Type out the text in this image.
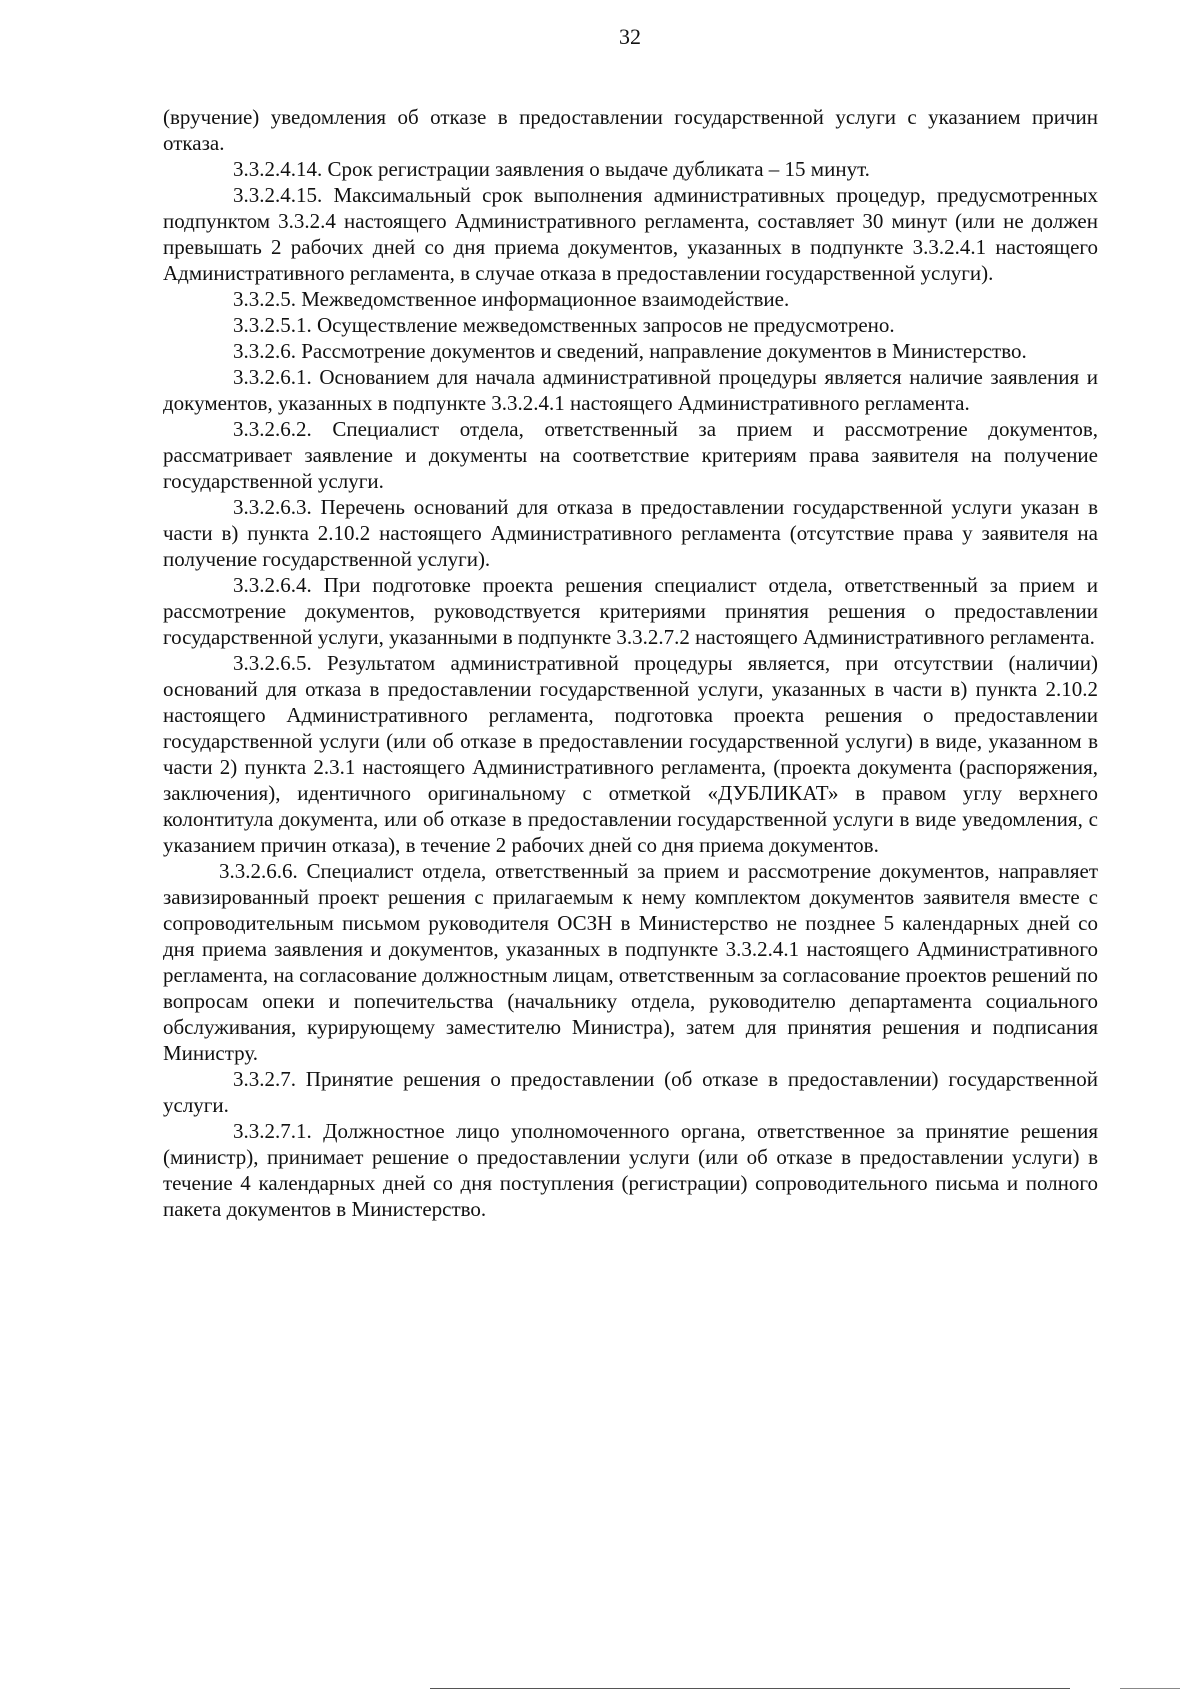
32

(вручение) уведомления об отказе в предоставлении государственной услуги с указанием причин отказа.

3.3.2.4.14. Срок регистрации заявления о выдаче дубликата – 15 минут.

3.3.2.4.15. Максимальный срок выполнения административных процедур, предусмотренных подпунктом 3.3.2.4 настоящего Административного регламента, составляет 30 минут (или не должен превышать 2 рабочих дней со дня приема документов, указанных в подпункте 3.3.2.4.1 настоящего Административного регламента, в случае отказа в предоставлении государственной услуги).

3.3.2.5. Межведомственное информационное взаимодействие.

3.3.2.5.1. Осуществление межведомственных запросов не предусмотрено.

3.3.2.6. Рассмотрение документов и сведений, направление документов в Министерство.

3.3.2.6.1. Основанием для начала административной процедуры является наличие заявления и документов, указанных в подпункте 3.3.2.4.1 настоящего Административного регламента.

3.3.2.6.2. Специалист отдела, ответственный за прием и рассмотрение документов, рассматривает заявление и документы на соответствие критериям права заявителя на получение государственной услуги.

3.3.2.6.3. Перечень оснований для отказа в предоставлении государственной услуги указан в части в) пункта 2.10.2 настоящего Административного регламента (отсутствие права у заявителя на получение государственной услуги).

3.3.2.6.4. При подготовке проекта решения специалист отдела, ответственный за прием и рассмотрение документов, руководствуется критериями принятия решения о предоставлении государственной услуги, указанными в подпункте 3.3.2.7.2 настоящего Административного регламента.

3.3.2.6.5. Результатом административной процедуры является, при отсутствии (наличии) оснований для отказа в предоставлении государственной услуги, указанных в части в) пункта 2.10.2 настоящего Административного регламента, подготовка проекта решения о предоставлении государственной услуги (или об отказе в предоставлении государственной услуги) в виде, указанном в части 2) пункта 2.3.1 настоящего Административного регламента, (проекта документа (распоряжения, заключения), идентичного оригинальному с отметкой «ДУБЛИКАТ» в правом углу верхнего колонтитула документа, или об отказе в предоставлении государственной услуги в виде уведомления, с указанием причин отказа), в течение 2 рабочих дней со дня приема документов.

3.3.2.6.6. Специалист отдела, ответственный за прием и рассмотрение документов, направляет завизированный проект решения с прилагаемым к нему комплектом документов заявителя вместе с сопроводительным письмом руководителя ОСЗН в Министерство не позднее 5 календарных дней со дня приема заявления и документов, указанных в подпункте 3.3.2.4.1 настоящего Административного регламента, на согласование должностным лицам, ответственным за согласование проектов решений по вопросам опеки и попечительства (начальнику отдела, руководителю департамента социального обслуживания, курирующему заместителю Министра), затем для принятия решения и подписания Министру.

3.3.2.7. Принятие решения о предоставлении (об отказе в предоставлении) государственной услуги.

3.3.2.7.1. Должностное лицо уполномоченного органа, ответственное за принятие решения (министр), принимает решение о предоставлении услуги (или об отказе в предоставлении услуги) в течение 4 календарных дней со дня поступления (регистрации) сопроводительного письма и полного пакета документов в Министерство.
